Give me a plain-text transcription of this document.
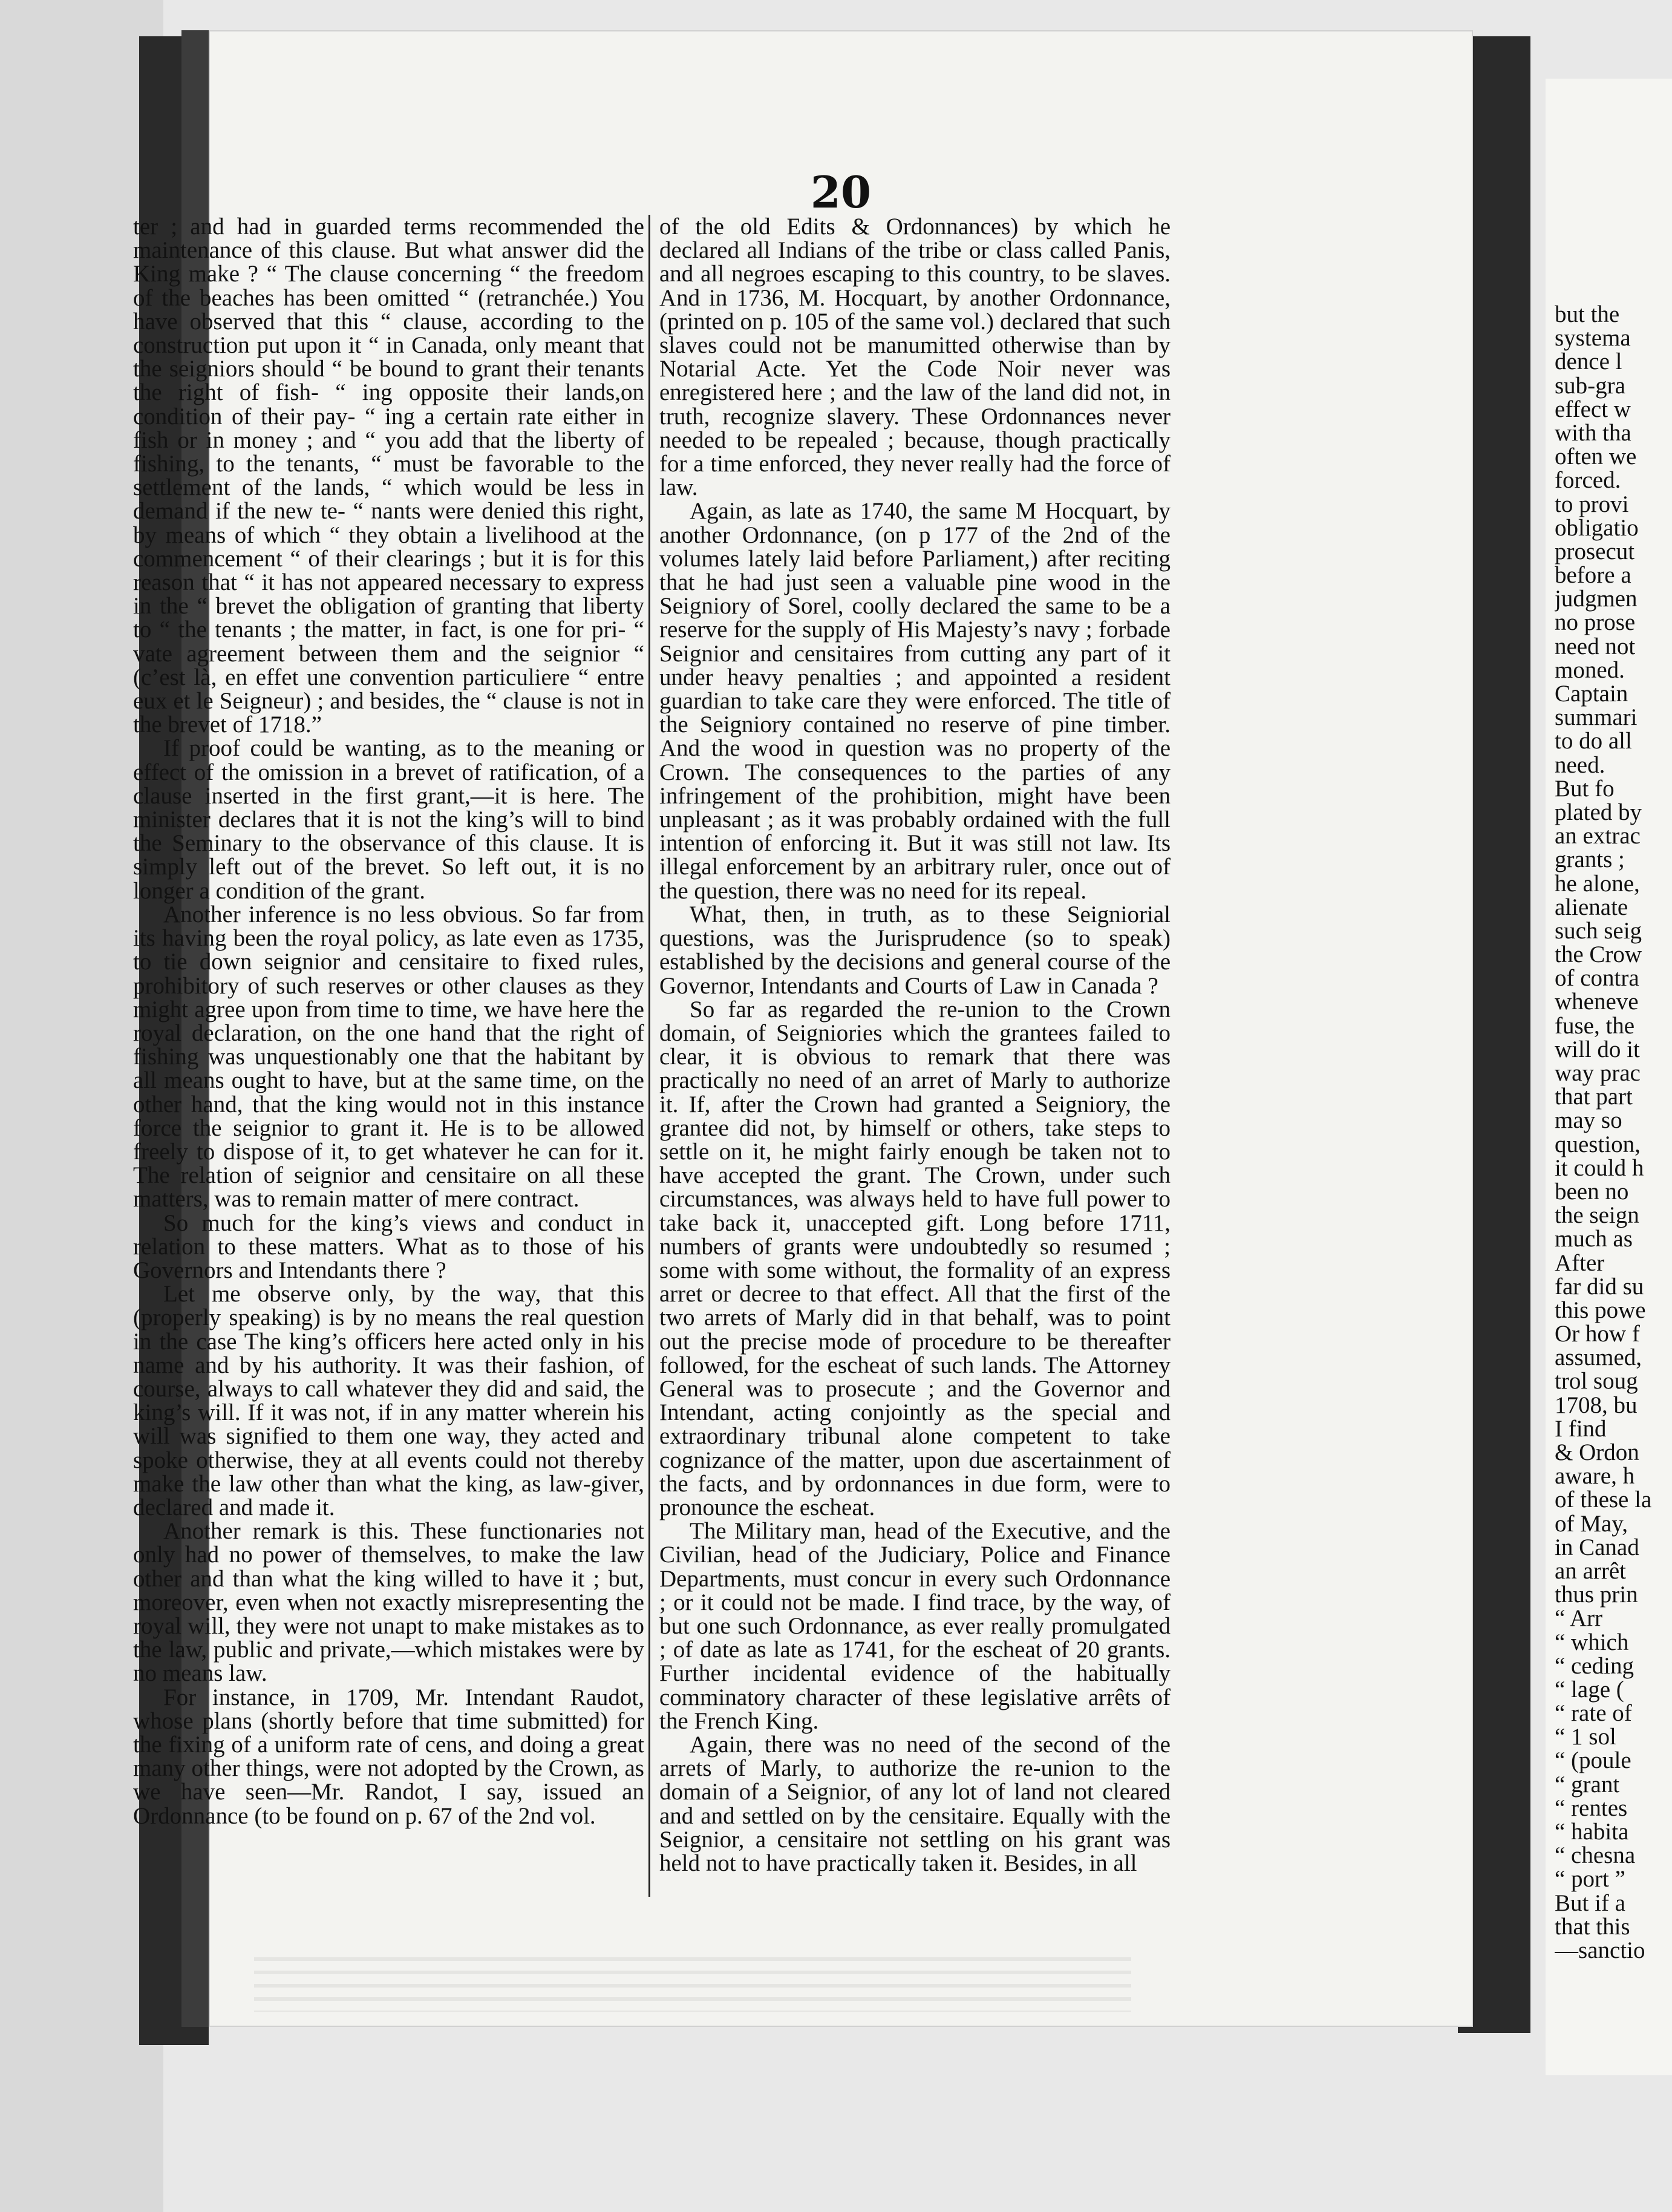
20

ter ; and had in guarded terms recommended the maintenance of this clause. But what answer did the King make ? “ The clause concerning “ the freedom of the beaches has been omitted “ (retranchée.) You have observed that this “ clause, according to the construction put upon it “ in Canada, only meant that the seigniors should “ be bound to grant their tenants the right of fish- “ ing opposite their lands,on condition of their pay- “ ing a certain rate either in fish or in money ; and “ you add that the liberty of fishing, to the tenants, “ must be favorable to the settlement of the lands, “ which would be less in demand if the new te- “ nants were denied this right, by means of which “ they obtain a livelihood at the commencement “ of their clearings ; but it is for this reason that “ it has not appeared necessary to express in the “ brevet the obligation of granting that liberty to “ the tenants ; the matter, in fact, is one for pri- “ vate agreement between them and the seignior “ (c’est là, en effet une convention particuliere “ entre eux et le Seigneur) ; and besides, the “ clause is not in the brevet of 1718.”

If proof could be wanting, as to the meaning or effect of the omission in a brevet of ratification, of a clause inserted in the first grant,—it is here. The minister declares that it is not the king’s will to bind the Seminary to the observance of this clause. It is simply left out of the brevet. So left out, it is no longer a condition of the grant.

Another inference is no less obvious. So far from its having been the royal policy, as late even as 1735, to tie down seignior and censitaire to fixed rules, prohibitory of such reserves or other clauses as they might agree upon from time to time, we have here the royal declaration, on the one hand that the right of fishing was unquestionably one that the habitant by all means ought to have, but at the same time, on the other hand, that the king would not in this instance force the seignior to grant it. He is to be allowed freely to dispose of it, to get whatever he can for it. The relation of seignior and censitaire on all these matters, was to remain matter of mere contract.

So much for the king’s views and conduct in relation to these matters. What as to those of his Governors and Intendants there ?

Let me observe only, by the way, that this (properly speaking) is by no means the real question in the case The king’s officers here acted only in his name and by his authority. It was their fashion, of course, always to call whatever they did and said, the king’s will. If it was not, if in any matter wherein his will was signified to them one way, they acted and spoke otherwise, they at all events could not thereby make the law other than what the king, as law-giver, declared and made it.

Another remark is this. These functionaries not only had no power of themselves, to make the law other and than what the king willed to have it ; but, moreover, even when not exactly misrepresenting the royal will, they were not unapt to make mistakes as to the law, public and private,—which mistakes were by no means law.

For instance, in 1709, Mr. Intendant Raudot, whose plans (shortly before that time submitted) for the fixing of a uniform rate of cens, and doing a great many other things, were not adopted by the Crown, as we have seen—Mr. Randot, I say, issued an Ordonnance (to be found on p. 67 of the 2nd vol.

of the old Edits & Ordonnances) by which he declared all Indians of the tribe or class called Panis, and all negroes escaping to this country, to be slaves. And in 1736, M. Hocquart, by another Ordonnance, (printed on p. 105 of the same vol.) declared that such slaves could not be manumitted otherwise than by Notarial Acte. Yet the Code Noir never was enregistered here ; and the law of the land did not, in truth, recognize slavery. These Ordonnances never needed to be repealed ; because, though practically for a time enforced, they never really had the force of law.

Again, as late as 1740, the same M Hocquart, by another Ordonnance, (on p 177 of the 2nd of the volumes lately laid before Parliament,) after reciting that he had just seen a valuable pine wood in the Seigniory of Sorel, coolly declared the same to be a reserve for the supply of His Majesty’s navy ; forbade Seignior and censitaires from cutting any part of it under heavy penalties ; and appointed a resident guardian to take care they were enforced. The title of the Seigniory contained no reserve of pine timber. And the wood in question was no property of the Crown. The consequences to the parties of any infringement of the prohibition, might have been unpleasant ; as it was probably ordained with the full intention of enforcing it. But it was still not law. Its illegal enforcement by an arbitrary ruler, once out of the question, there was no need for its repeal.

What, then, in truth, as to these Seigniorial questions, was the Jurisprudence (so to speak) established by the decisions and general course of the Governor, Intendants and Courts of Law in Canada ?

So far as regarded the re-union to the Crown domain, of Seigniories which the grantees failed to clear, it is obvious to remark that there was practically no need of an arret of Marly to authorize it. If, after the Crown had granted a Seigniory, the grantee did not, by himself or others, take steps to settle on it, he might fairly enough be taken not to have accepted the grant. The Crown, under such circumstances, was always held to have full power to take back it, unaccepted gift. Long before 1711, numbers of grants were undoubtedly so resumed ; some with some without, the formality of an express arret or decree to that effect. All that the first of the two arrets of Marly did in that behalf, was to point out the precise mode of procedure to be thereafter followed, for the escheat of such lands. The Attorney General was to prosecute ; and the Governor and Intendant, acting conjointly as the special and extraordinary tribunal alone competent to take cognizance of the matter, upon due ascertainment of the facts, and by ordonnances in due form, were to pronounce the escheat.

The Military man, head of the Executive, and the Civilian, head of the Judiciary, Police and Finance Departments, must concur in every such Ordonnance ; or it could not be made. I find trace, by the way, of but one such Ordonnance, as ever really promulgated ; of date as late as 1741, for the escheat of 20 grants. Further incidental evidence of the habitually comminatory character of these legislative arrêts of the French King.

Again, there was no need of the second of the arrets of Marly, to authorize the re-union to the domain of a Seignior, of any lot of land not cleared and and settled on by the censitaire. Equally with the Seignior, a censitaire not settling on his grant was held not to have practically taken it. Besides, in all

but the
systema
dence l
sub-gra
effect w
with tha
often we
forced.
to provi
obligatio
prosecut
before a
judgmen
no prose
need not
moned.
Captain
summari
to do all
need.
But fo
plated by
an extrac
grants ;
he alone,
alienate
such seig
the Crow
of contra
wheneve
fuse, the
will do it
way prac
that part
may so
question,
it could h
been no
the seign
much as
After
far did su
this powe
Or how f
assumed,
trol soug
1708, bu
I find
& Ordon
aware, h
of these la
of May,
in Canad
an arrêt
thus prin
“ Arr
“ which
“ ceding
“ lage (
“ rate of
“ 1 sol
“ (poule
“ grant
“ rentes
“ habita
“ chesna
“ port ”
But if a
that this
—sanctio
